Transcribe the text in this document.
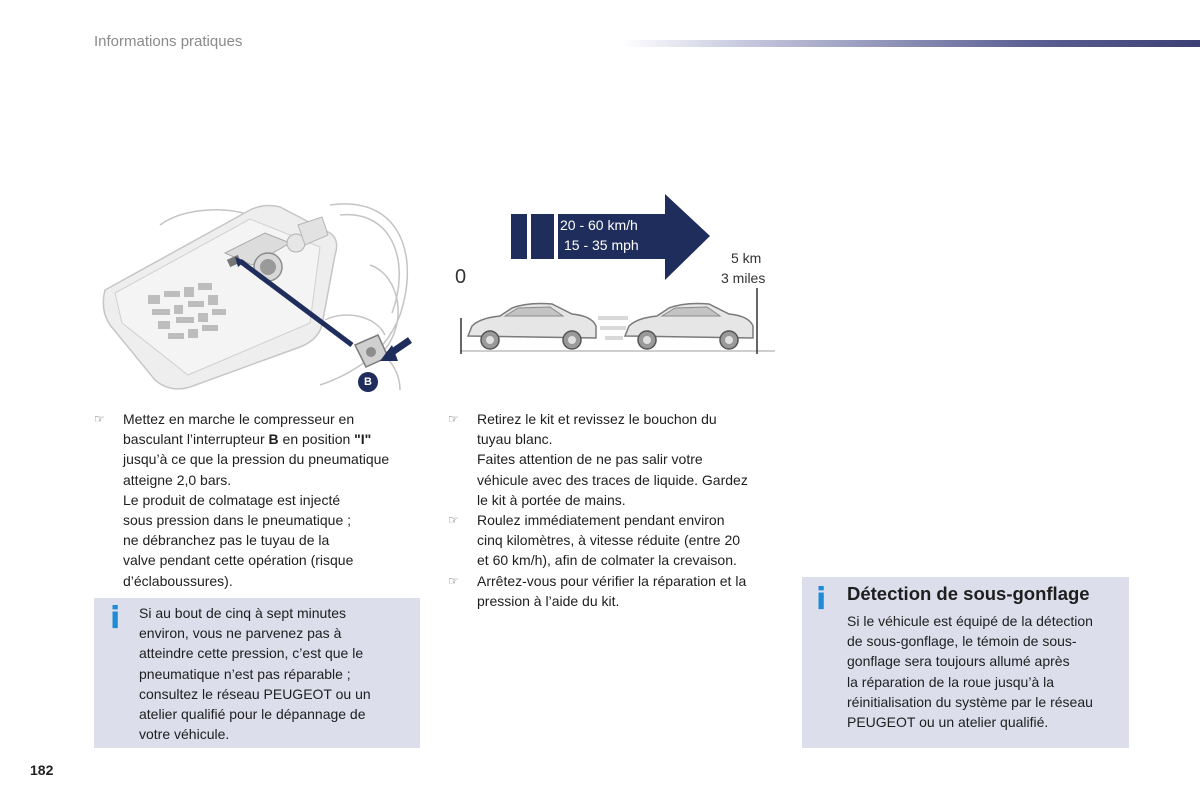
Informations pratiques
B
20 - 60 km/h
15 - 35 mph
0
5 km
3 miles
☞ Mettez en marche le compresseur en
basculant l’interrupteur B en position "I"
jusqu’à ce que la pression du pneumatique
atteigne 2,0 bars.
Le produit de colmatage est injecté
sous pression dans le pneumatique ;
ne débranchez pas le tuyau de la
valve pendant cette opération (risque
d’éclaboussures).

i Si au bout de cinq à sept minutes
environ, vous ne parvenez pas à
atteindre cette pression, c’est que le
pneumatique n’est pas réparable ;
consultez le réseau PEUGEOT ou un
atelier qualifié pour le dépannage de
votre véhicule.
☞ Retirez le kit et revissez le bouchon du
tuyau blanc.
Faites attention de ne pas salir votre
véhicule avec des traces de liquide. Gardez
le kit à portée de mains.

☞ Roulez immédiatement pendant environ
cinq kilomètres, à vitesse réduite (entre 20
et 60 km/h), afin de colmater la crevaison.

☞ Arrêtez-vous pour vérifier la réparation et la
pression à l’aide du kit.	i Détection de sous-gonflage
Si le véhicule est équipé de la détection
de sous-gonflage, le témoin de sous-
gonflage sera toujours allumé après
la réparation de la roue jusqu’à la
réinitialisation du système par le réseau
PEUGEOT ou un atelier qualifié.
182
